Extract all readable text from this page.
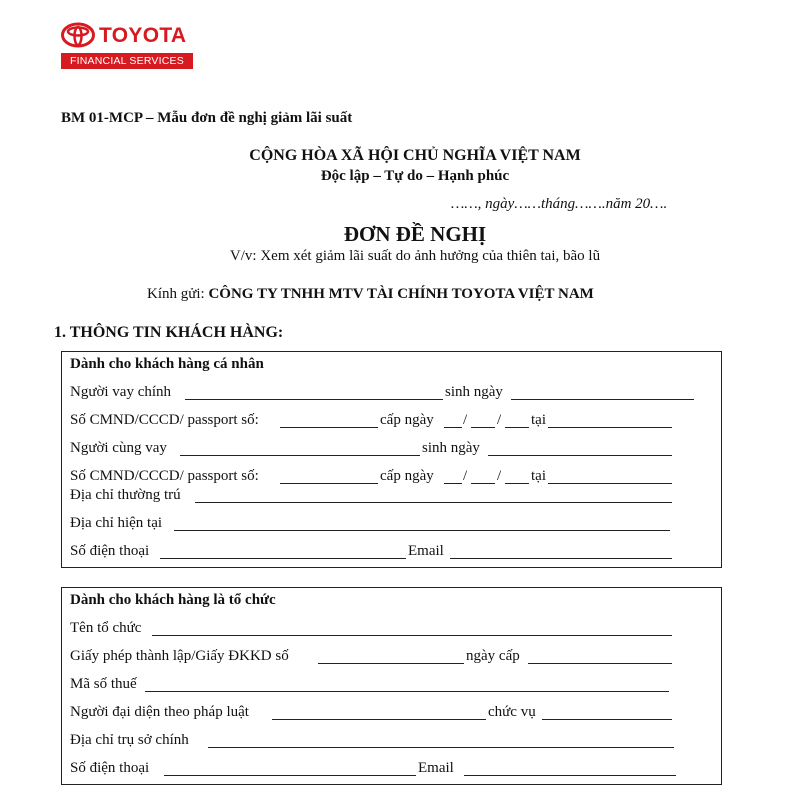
TOYOTA
FINANCIAL SERVICES
BM 01-MCP – Mẫu đơn đề nghị giảm lãi suất
CỘNG HÒA XÃ HỘI CHỦ NGHĨA VIỆT NAM
Độc lập – Tự do – Hạnh phúc
……, ngày……tháng…….năm 20….
ĐƠN ĐỀ NGHỊ
V/v: Xem xét giảm lãi suất do ảnh hưởng của thiên tai, bão lũ
Kính gửi: CÔNG TY TNHH MTV TÀI CHÍNH TOYOTA VIỆT NAM
1. THÔNG TIN KHÁCH HÀNG:
Dành cho khách hàng cá nhân
Người vay chính	sinh ngày
Số CMND/CCCD/ passport số:	cấp ngày / / tại
Người cùng vay	sinh ngày
Số CMND/CCCD/ passport số:	cấp ngày / / tại
Địa chỉ thường trú
Địa chỉ hiện tại
Số điện thoại	Email
Dành cho khách hàng là tổ chức
Tên tổ chức
Giấy phép thành lập/Giấy ĐKKD số	ngày cấp
Mã số thuế
Người đại diện theo pháp luật	chức vụ
Địa chỉ trụ sở chính
Số điện thoại	Email
